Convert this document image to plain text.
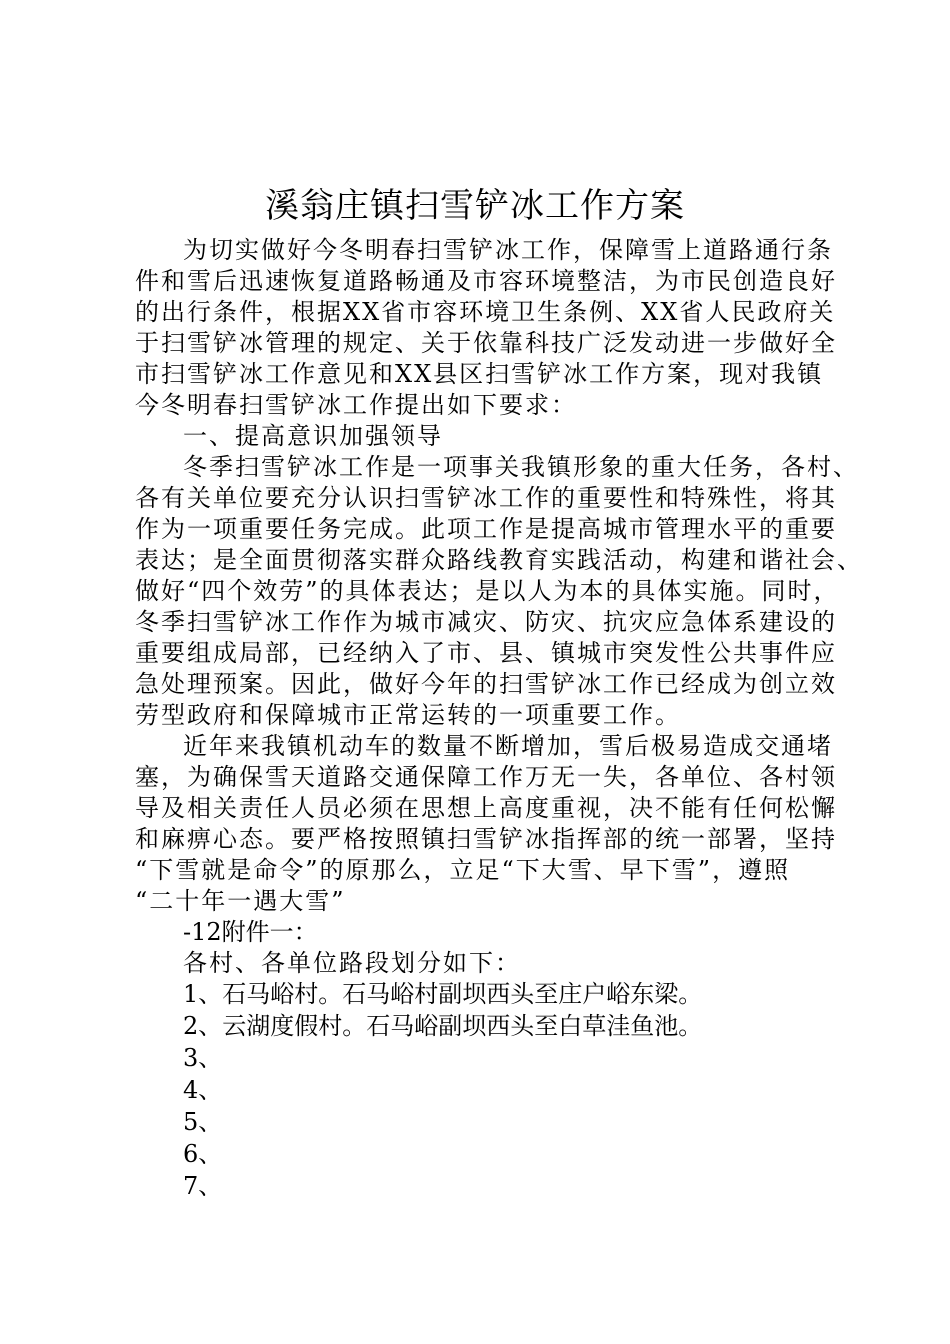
溪翁庄镇扫雪铲冰工作方案
为切实做好今冬明春扫雪铲冰工作，保障雪上道路通行条
件和雪后迅速恢复道路畅通及市容环境整洁，为市民创造良好
的出行条件，根据XX省市容环境卫生条例、XX省人民政府关
于扫雪铲冰管理的规定、关于依靠科技广泛发动进一步做好全
市扫雪铲冰工作意见和XX县区扫雪铲冰工作方案，现对我镇
今冬明春扫雪铲冰工作提出如下要求：
一、提高意识加强领导
冬季扫雪铲冰工作是一项事关我镇形象的重大任务，各村、
各有关单位要充分认识扫雪铲冰工作的重要性和特殊性，将其
作为一项重要任务完成。此项工作是提高城市管理水平的重要
表达；是全面贯彻落实群众路线教育实践活动，构建和谐社会、
做好“四个效劳”的具体表达；是以人为本的具体实施。同时，
冬季扫雪铲冰工作作为城市减灾、防灾、抗灾应急体系建设的
重要组成局部，已经纳入了市、县、镇城市突发性公共事件应
急处理预案。因此，做好今年的扫雪铲冰工作已经成为创立效
劳型政府和保障城市正常运转的一项重要工作。
近年来我镇机动车的数量不断增加，雪后极易造成交通堵
塞，为确保雪天道路交通保障工作万无一失，各单位、各村领
导及相关责任人员必须在思想上高度重视，决不能有任何松懈
和麻痹心态。要严格按照镇扫雪铲冰指挥部的统一部署，坚持
“下雪就是命令”的原那么，立足“下大雪、早下雪”，遵照
“二十年一遇大雪”
-12附件一：
各村、各单位路段划分如下：
1、石马峪村。石马峪村副坝西头至庄户峪东梁。
2、云湖度假村。石马峪副坝西头至白草洼鱼池。
3、
4、
5、
6、
7、
